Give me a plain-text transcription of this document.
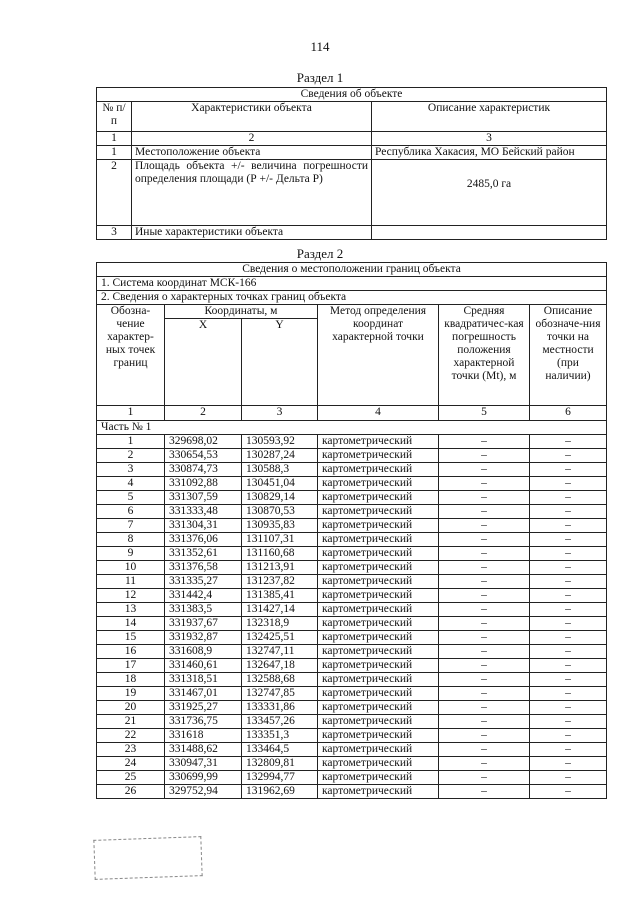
114
Раздел 1
Сведения об объекте		
№ п/п	Характеристики объекта	Описание характеристик
1	2	3
1	Местоположение объекта	Республика Хакасия, МО Бейский район
2	Площадь объекта +/- величина погрешности определения площади (Р +/- Дельта Р)	2485,0 га
3	Иные характеристики объекта	
Раздел 2
Сведения о местоположении границ объекта					
1. Система координат МСК-166					
2. Сведения о характерных точках границ объекта					
Обозна-чение характер-ных точек границ	Координаты, м		Метод определения координат характерной точки	Средняя квадратичес-кая погрешность положения характерной точки (Mt), м	Описание обозначе-ния точки на местности (при наличии)
	X	Y			
1	2	3	4	5	6
Часть № 1					
1	329698,02	130593,92	картометрический	–	–
2	330654,53	130287,24	картометрический	–	–
3	330874,73	130588,3	картометрический	–	–
4	331092,88	130451,04	картометрический	–	–
5	331307,59	130829,14	картометрический	–	–
6	331333,48	130870,53	картометрический	–	–
7	331304,31	130935,83	картометрический	–	–
8	331376,06	131107,31	картометрический	–	–
9	331352,61	131160,68	картометрический	–	–
10	331376,58	131213,91	картометрический	–	–
11	331335,27	131237,82	картометрический	–	–
12	331442,4	131385,41	картометрический	–	–
13	331383,5	131427,14	картометрический	–	–
14	331937,67	132318,9	картометрический	–	–
15	331932,87	132425,51	картометрический	–	–
16	331608,9	132747,11	картометрический	–	–
17	331460,61	132647,18	картометрический	–	–
18	331318,51	132588,68	картометрический	–	–
19	331467,01	132747,85	картометрический	–	–
20	331925,27	133331,86	картометрический	–	–
21	331736,75	133457,26	картометрический	–	–
22	331618	133351,3	картометрический	–	–
23	331488,62	133464,5	картометрический	–	–
24	330947,31	132809,81	картометрический	–	–
25	330699,99	132994,77	картометрический	–	–
26	329752,94	131962,69	картометрический	–	–
